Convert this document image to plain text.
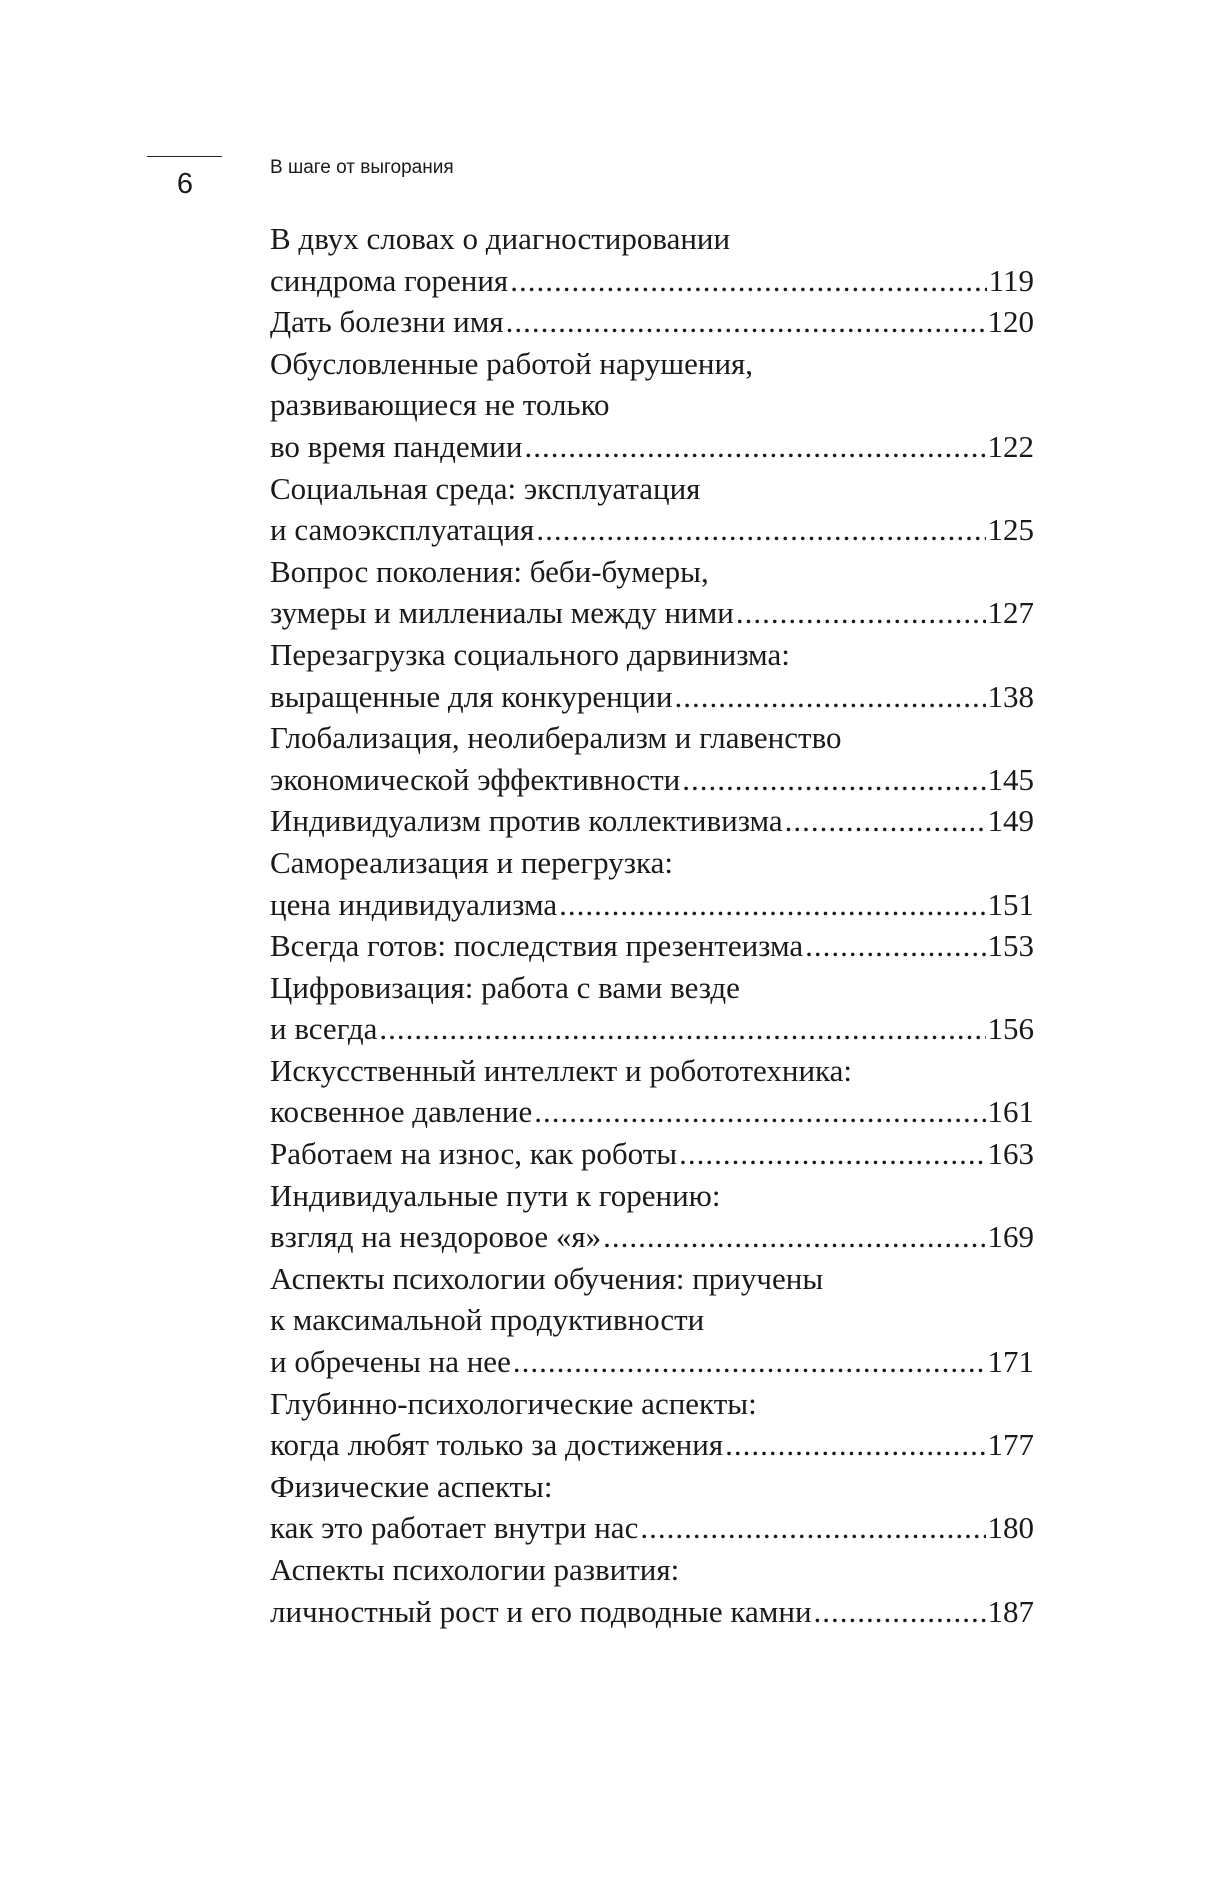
6
В шаге от выгорания
В двух словах о диагностировании
синдрома горения .....	119
Дать болезни имя .....	120
Обусловленные работой нарушения,
развивающиеся не только
во время пандемии .....	122
Социальная среда: эксплуатация
и самоэксплуатация .....	125
Вопрос поколения: беби-бумеры,
зумеры и миллениалы между ними .....	127
Перезагрузка социального дарвинизма:
выращенные для конкуренции .....	138
Глобализация, неолиберализм и главенство
экономической эффективности .....	145
Индивидуализм против коллективизма .....	149
Самореализация и перегрузка:
цена индивидуализма .....	151
Всегда готов: последствия презентеизма .....	153
Цифровизация: работа с вами везде
и всегда .....	156
Искусственный интеллект и робототехника:
косвенное давление .....	161
Работаем на износ, как роботы .....	163
Индивидуальные пути к горению:
взгляд на нездоровое «я» .....	169
Аспекты психологии обучения: приучены
к максимальной продуктивности
и обречены на нее .....	171
Глубинно-психологические аспекты:
когда любят только за достижения .....	177
Физические аспекты:
как это работает внутри нас .....	180
Аспекты психологии развития:
личностный рост и его подводные камни .....	187
